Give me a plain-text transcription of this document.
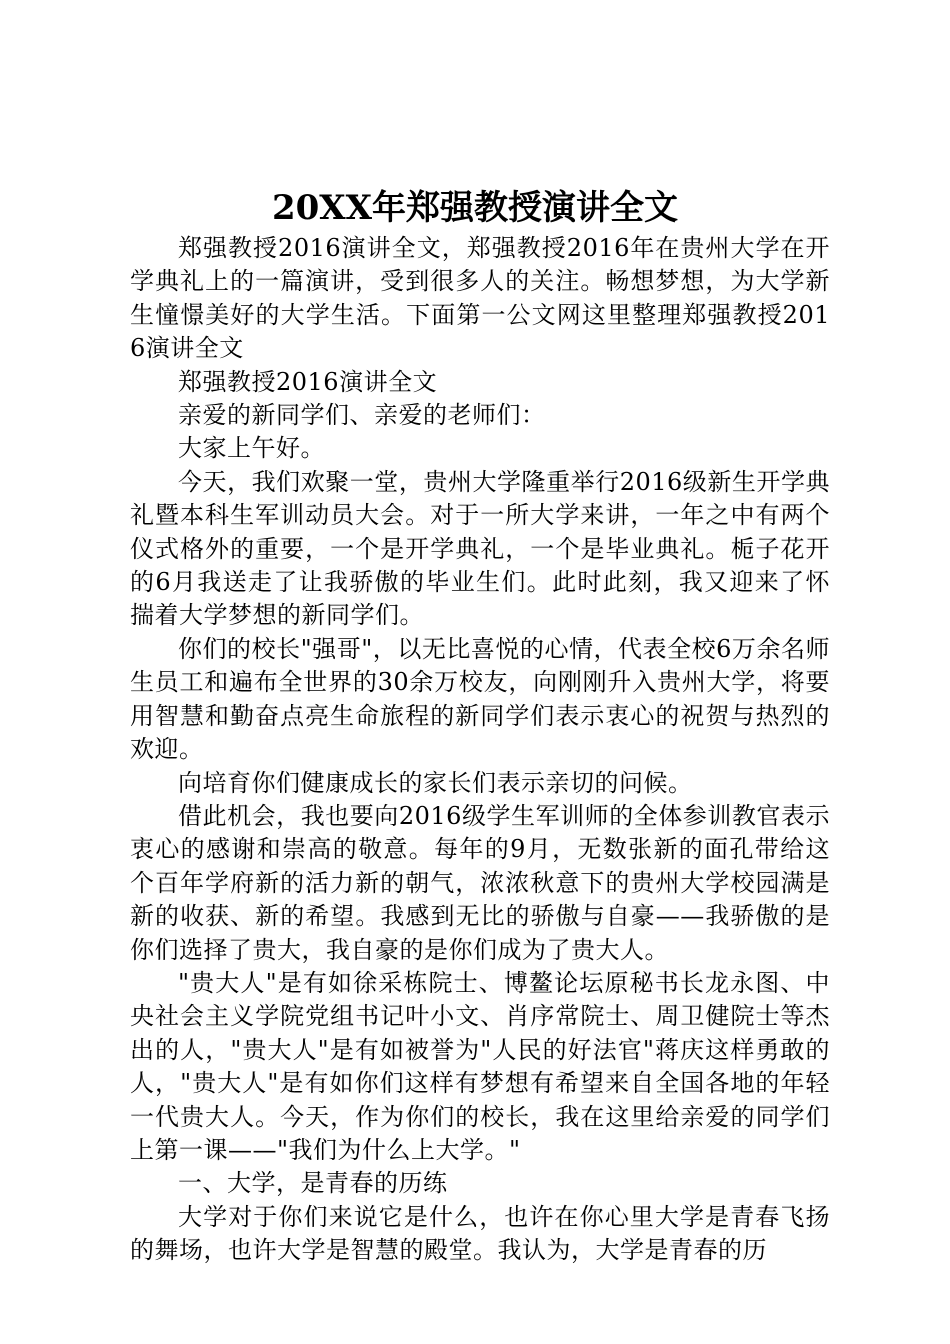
20XX年郑强教授演讲全文

郑强教授2016演讲全文，郑强教授2016年在贵州大学在开学典礼上的一篇演讲，受到很多人的关注。畅想梦想，为大学新生憧憬美好的大学生活。下面第一公文网这里整理郑强教授2016演讲全文

郑强教授2016演讲全文

亲爱的新同学们、亲爱的老师们：

大家上午好。

今天，我们欢聚一堂，贵州大学隆重举行2016级新生开学典礼暨本科生军训动员大会。对于一所大学来讲，一年之中有两个仪式格外的重要，一个是开学典礼，一个是毕业典礼。栀子花开的6月我送走了让我骄傲的毕业生们。此时此刻，我又迎来了怀揣着大学梦想的新同学们。

你们的校长"强哥"，以无比喜悦的心情，代表全校6万余名师生员工和遍布全世界的30余万校友，向刚刚升入贵州大学，将要用智慧和勤奋点亮生命旅程的新同学们表示衷心的祝贺与热烈的欢迎。

向培育你们健康成长的家长们表示亲切的问候。

借此机会，我也要向2016级学生军训师的全体参训教官表示衷心的感谢和崇高的敬意。每年的9月，无数张新的面孔带给这个百年学府新的活力新的朝气，浓浓秋意下的贵州大学校园满是新的收获、新的希望。我感到无比的骄傲与自豪——我骄傲的是你们选择了贵大，我自豪的是你们成为了贵大人。

"贵大人"是有如徐采栋院士、博鳌论坛原秘书长龙永图、中央社会主义学院党组书记叶小文、肖序常院士、周卫健院士等杰出的人，"贵大人"是有如被誉为"人民的好法官"蒋庆这样勇敢的人，"贵大人"是有如你们这样有梦想有希望来自全国各地的年轻一代贵大人。今天，作为你们的校长，我在这里给亲爱的同学们上第一课——"我们为什么上大学。"

一、大学，是青春的历练

大学对于你们来说它是什么，也许在你心里大学是青春飞扬的舞场，也许大学是智慧的殿堂。我认为，大学是青春的历
